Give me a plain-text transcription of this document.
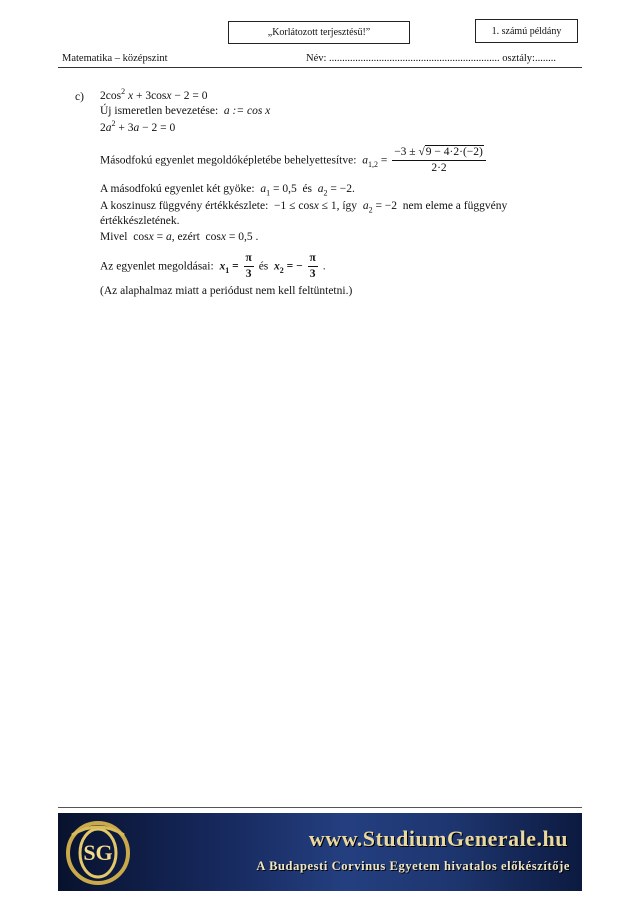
„Korlátozott terjesztésű!”	1. számú példány
Matematika – középszint	Név: ................................................................. osztály:........
c) $2\cos^2$ x + 3cosx − 2 = 0
Új ismeretlen bevezetése: a := cos x
$2a^2 + 3a - 2 = 0$
Másodfokú egyenlet megoldóképletébe behelyettesítve: $a_{1,2} = \frac{-3 \pm √9 - 4\cdot 2\cdot(-2)}{2\cdot 2}$
A másodfokú egyenlet két gyöke: $a_1 = 0,5$  és $a_2 = -2$.
A koszinusz függvény értékkészlete: −1 ≤ cosx ≤ 1, így  $a_2 = -2$  nem eleme a függvény
értékkészletének.
Mivel cosx = a, ezért cosx = 0,5 .
Az egyenlet megoldásai: $x_1 = \frac{\pi}{3}$ és $x_2$ = − $\frac{\pi}{3}$ .
(Az alaphalmaz miatt a periódust nem kell feltüntetni.)
SG
www.StudiumGenerale.hu
A Budapesti Corvinus Egyetem hivatalos előkészítője
